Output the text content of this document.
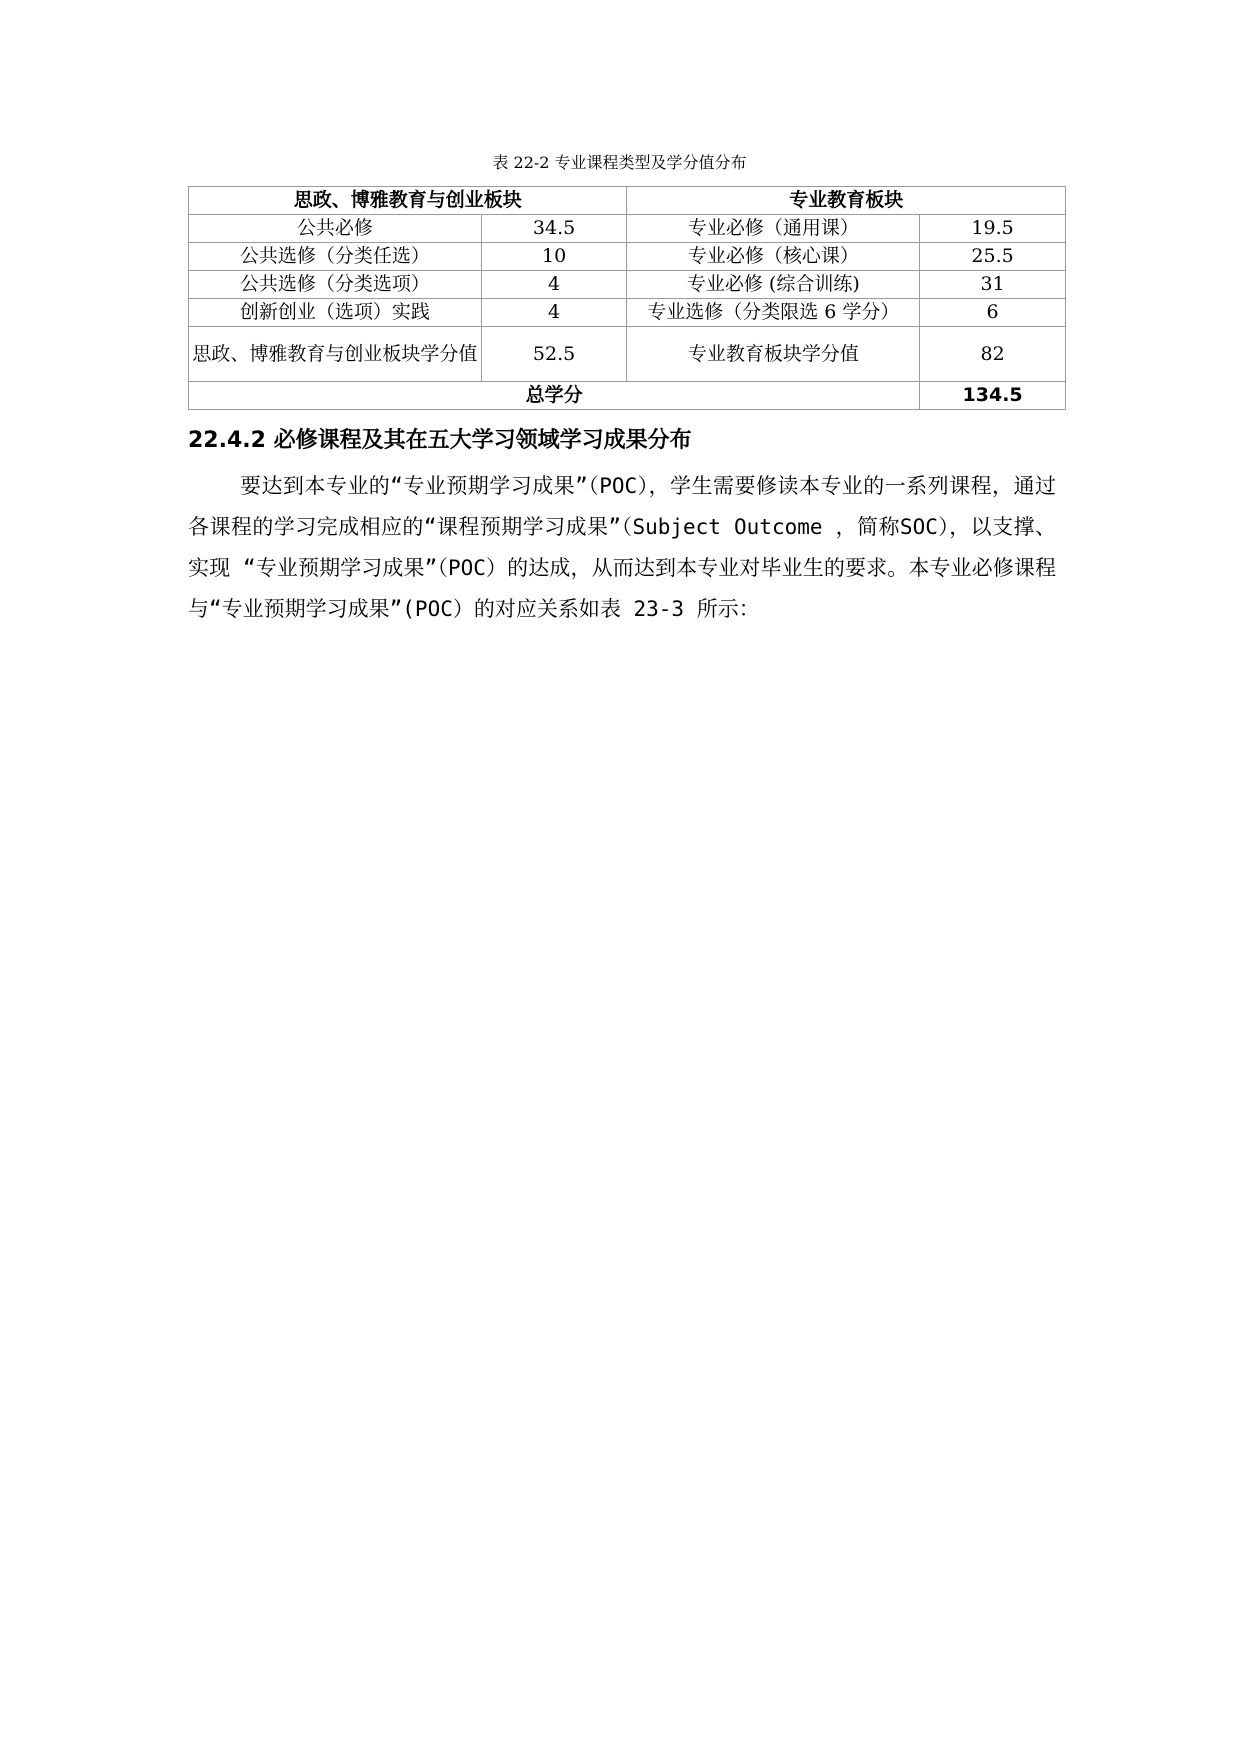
表 22-2 专业课程类型及学分值分布
思政、博雅教育与创业板块		专业教育板块	
公共必修	34.5	专业必修（通用课）	19.5
公共选修（分类任选）	10	专业必修（核心课）	25.5
公共选修（分类选项）	4	专业必修 (综合训练)	31
创新创业（选项）实践	4	专业选修（分类限选 6 学分）	6
思政、博雅教育与创业板块学分值	52.5	专业教育板块学分值	82
总学分			134.5
22.4.2 必修课程及其在五大学习领域学习成果分布
要达到本专业的“专业预期学习成果”（POC），学生需要修读本专业的一系列课程，通过各课程的学习完成相应的“课程预期学习成果”（Subject Outcome ，简称SOC），以支撑、实现 “专业预期学习成果”（POC）的达成，从而达到本专业对毕业生的要求。本专业必修课程与“专业预期学习成果”(POC）的对应关系如表 23-3 所示：
